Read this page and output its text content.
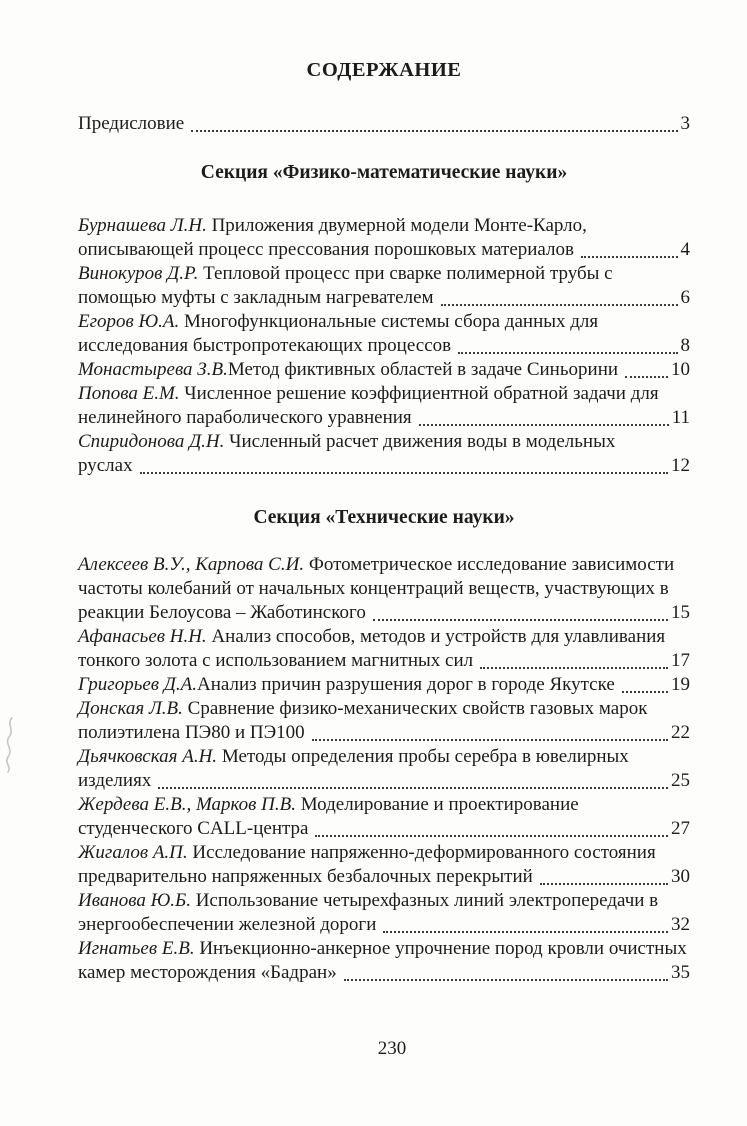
СОДЕРЖАНИЕ
Предисловие	3
Секция «Физико-математические науки»
Бурнашева Л.Н. Приложения двумерной модели Монте-Карло,
описывающей процесс прессования порошковых материалов	4
Винокуров Д.Р. Тепловой процесс при сварке полимерной трубы с
помощью муфты с закладным нагревателем	6
Егоров Ю.А. Многофункциональные системы сбора данных для
исследования быстропротекающих процессов	8
Монастырева З.В. Метод фиктивных областей в задаче Синьорини	10
Попова Е.М. Численное решение коэффициентной обратной задачи для
нелинейного параболического уравнения	11
Спиридонова Д.Н. Численный расчет движения воды в модельных
руслах	12
Секция «Технические науки»
Алексеев В.У., Карпова С.И. Фотометрическое исследование зависимости
частоты колебаний от начальных концентраций веществ, участвующих в
реакции Белоусова – Жаботинского	15
Афанасьев Н.Н. Анализ способов, методов и устройств для улавливания
тонкого золота с использованием магнитных сил	17
Григорьев Д.А. Анализ причин разрушения дорог в городе Якутске	19
Донская Л.В. Сравнение физико-механических свойств газовых марок
полиэтилена ПЭ80 и ПЭ100	22
Дьячковская А.Н. Методы определения пробы серебра в ювелирных
изделиях	25
Жердева Е.В., Марков П.В. Моделирование и проектирование
студенческого CALL-центра	27
Жигалов А.П. Исследование напряженно-деформированного состояния
предварительно напряженных безбалочных перекрытий	30
Иванова Ю.Б. Использование четырехфазных линий электропередачи в
энергообеспечении железной дороги	32
Игнатьев Е.В. Инъекционно-анкерное упрочнение пород кровли очистных
камер месторождения «Бадран»	35
230
